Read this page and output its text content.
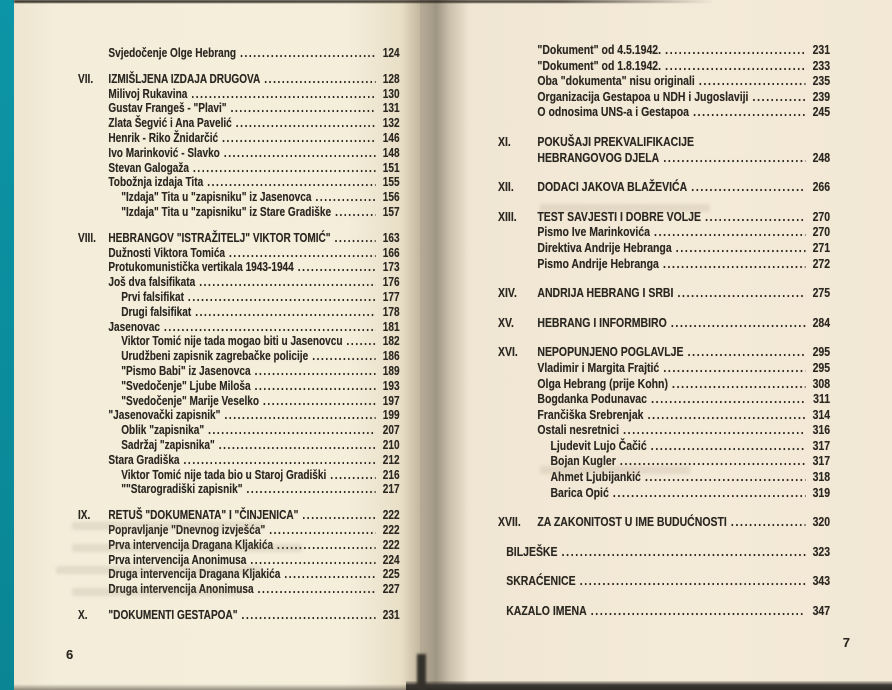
Svjedočenje Olge Hebrang .....	124
VII.	IZMIŠLJENA IZDAJA DRUGOVA .....	128
Milivoj Rukavina .....	130
Gustav Frangeš - "Plavi" .....	131
Zlata Šegvić i Ana Pavelić .....	132
Henrik - Riko Žnidarčić .....	146
Ivo Marinković - Slavko .....	148
Stevan Galogaža .....	151
Tobožnja izdaja Tita .....	155
"Izdaja" Tita u "zapisniku" iz Jasenovca .....	156
"Izdaja" Tita u "zapisniku" iz Stare Gradiške .....	157
VIII. HEBRANGOV "ISTRAŽITELJ" VIKTOR TOMIĆ" .....	163
Dužnosti Viktora Tomića .....	166
Protukomunistička vertikala 1943-1944 .....	173
Još dva falsifikata .....	176
Prvi falsifikat .....	177
Drugi falsifikat .....	178
Jasenovac .....	181
Viktor Tomić nije tada mogao biti u Jasenovcu .....	182
Urudžbeni zapisnik zagrebačke policije .....	186
"Pismo Babi" iz Jasenovca .....	189
"Svedočenje" Ljube Miloša .....	193
"Svedočenje" Marije Veselko .....	197
"Jasenovački zapisnik" .....	199
Oblik "zapisnika" .....	207
Sadržaj "zapisnika" .....	210
Stara Gradiška .....	212
Viktor Tomić nije tada bio u Staroj Gradiški .....	216
""Starogradiški zapisnik" .....	217
IX.	RETUŠ "DOKUMENATA" I "ČINJENICA" .....	222
Popravljanje "Dnevnog izvješća" .....	222
Prva intervencija Dragana Kljakića .....	222
Prva intervencija Anonimusa .....	224
Druga intervencija Dragana Kljakića .....	225
Druga intervencija Anonimusa .....	227
X.	"DOKUMENTI GESTAPOA" .....	231
6
"Dokument" od 4.5.1942. .....	231
"Dokument" od 1.8.1942. .....	233
Oba "dokumenta" nisu originali .....	235
Organizacija Gestapoa u NDH i Jugoslaviji .....	239
O odnosima UNS-a i Gestapoa .....	245
XI.	POKUŠAJI PREKVALIFIKACIJE
HEBRANGOVOG DJELA .....	248
XII.	DODACI JAKOVA BLAŽEVIĆA .....	266
XIII.	TEST SAVJESTI I DOBRE VOLJE .....	270
Pismo Ive Marinkovića .....	270
Direktiva Andrije Hebranga .....	271
Pismo Andrije Hebranga .....	272
XIV.	ANDRIJA HEBRANG I SRBI .....	275
XV.	HEBRANG I INFORMBIRO .....	284
XVI.	NEPOPUNJENO POGLAVLJE .....	295
Vladimir i Margita Frajtić .....	295
Olga Hebrang (prije Kohn) .....	308
Bogdanka Podunavac .....	311
Frančiška Srebrenjak .....	314
Ostali nesretnici .....	316
Ljudevit Lujo Čačić .....	317
Bojan Kugler .....	317
Ahmet Ljubijankić .....	318
Barica Opić .....	319
XVII.	ZA ZAKONITOST U IME BUDUĆNOSTI .....	320
BILJEŠKE .....	323
SKRAĆENICE .....	343
KAZALO IMENA .....	347
7
